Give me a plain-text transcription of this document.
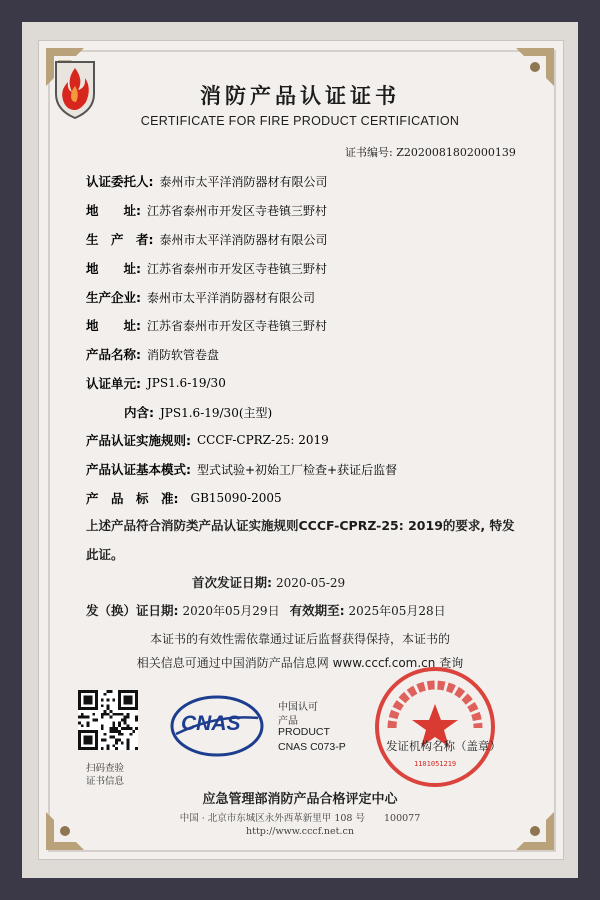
消防产品认证证书
CERTIFICATE FOR FIRE PRODUCT CERTIFICATION
证书编号: Z2020081802000139
认证委托人: 泰州市太平洋消防器材有限公司
地　　址: 江苏省泰州市开发区寺巷镇三野村
生　产　者: 泰州市太平洋消防器材有限公司
地　　址: 江苏省泰州市开发区寺巷镇三野村
生产企业: 泰州市太平洋消防器材有限公司
地　　址: 江苏省泰州市开发区寺巷镇三野村
产品名称: 消防软管卷盘
认证单元: JPS1.6-19/30
内含: JPS1.6-19/30(主型)
产品认证实施规则: CCCF-CPRZ-25: 2019
产品认证基本模式: 型式试验+初始工厂检查+获证后监督
产　品　标　准: GB15090-2005
上述产品符合消防类产品认证实施规则CCCF-CPRZ-25: 2019的要求, 特发
此证。
首次发证日期: 2020-05-29
发（换）证日期: 2020年05月29日 有效期至: 2025年05月28日
本证书的有效性需依靠通过证后监督获得保持，本证书的
相关信息可通过中国消防产品信息网 www.cccf.com.cn 查询
扫码查验
证书信息
CNAS
中国认可
产品
PRODUCT
CNAS C073-P	发证机构名称（盖章）
1101051219
应急管理部消防产品合格评定中心
中国 · 北京市东城区永外西革新里甲 108 号　　100077
http://www.cccf.net.cn
